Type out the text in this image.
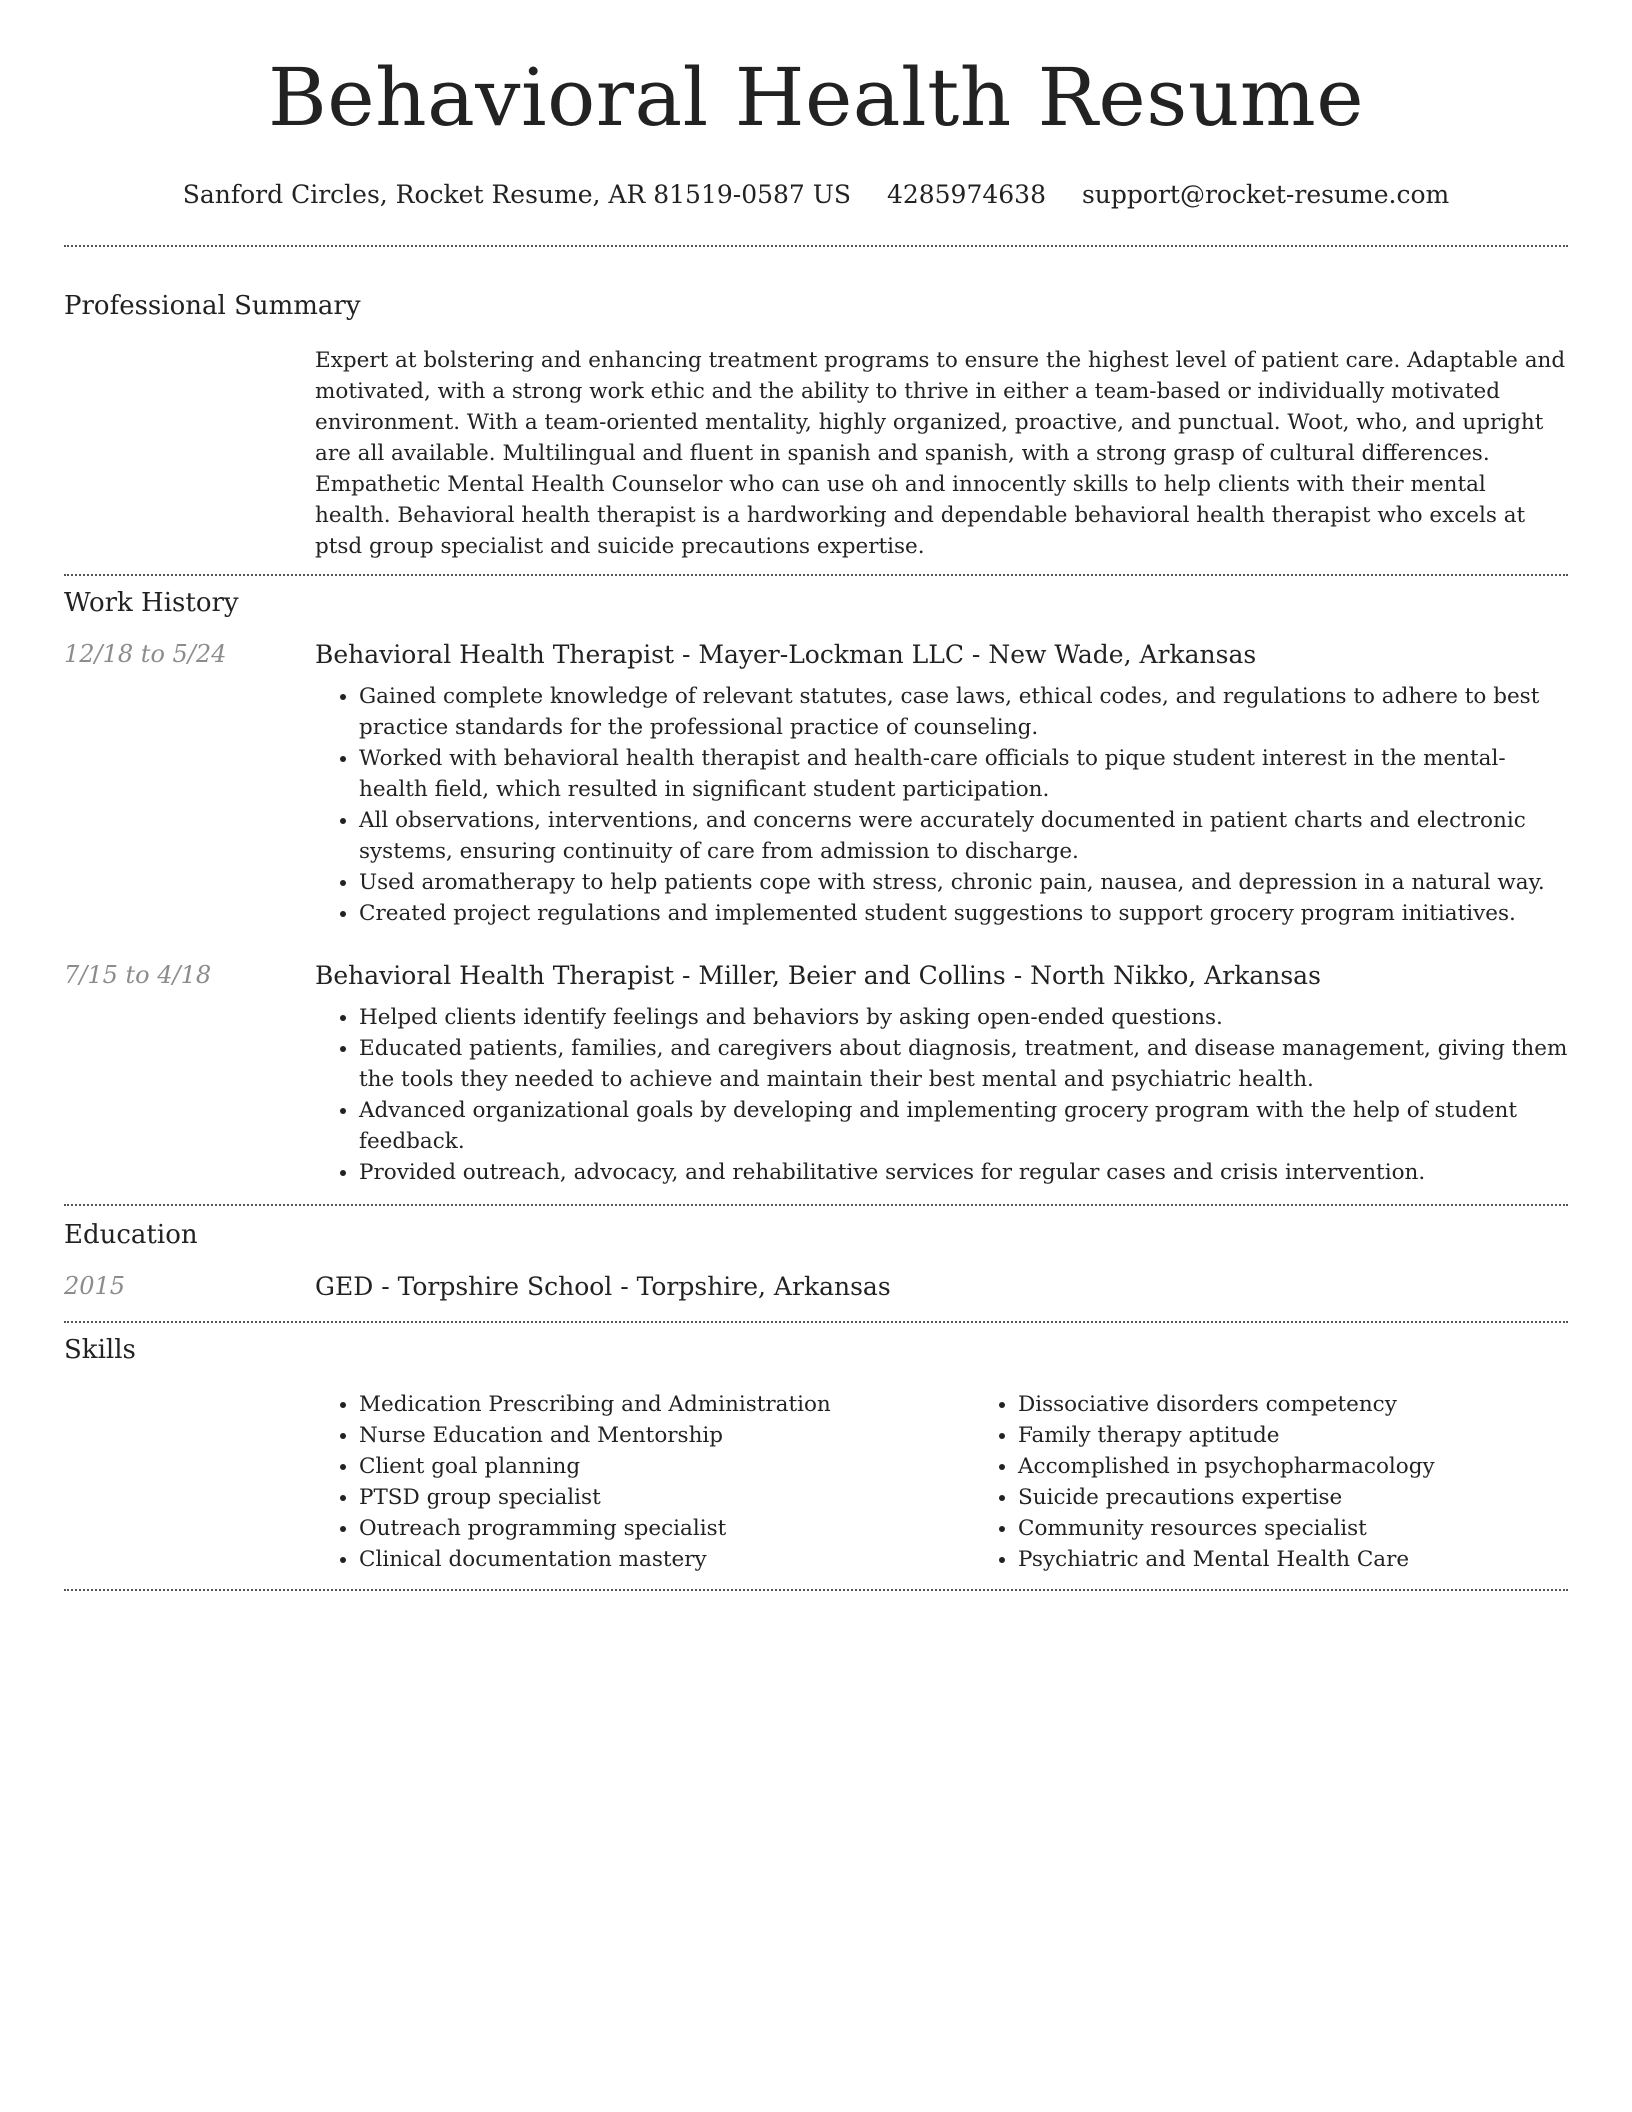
Behavioral Health Resume
Sanford Circles, Rocket Resume, AR 81519-0587 US 4285974638 support@rocket-resume.com
Professional Summary

Expert at bolstering and enhancing treatment programs to ensure the highest level of patient care. Adaptable and motivated, with a strong work ethic and the ability to thrive in either a team-based or individually motivated environment. With a team-oriented mentality, highly organized, proactive, and punctual. Woot, who, and upright are all available. Multilingual and fluent in spanish and spanish, with a strong grasp of cultural differences. Empathetic Mental Health Counselor who can use oh and innocently skills to help clients with their mental health. Behavioral health therapist is a hardworking and dependable behavioral health therapist who excels at ptsd group specialist and suicide precautions expertise.

Work History
12/18 to 5/24	Behavioral Health Therapist - Mayer-Lockman LLC - New Wade, Arkansas
• Gained complete knowledge of relevant statutes, case laws, ethical codes, and regulations to adhere to best practice standards for the professional practice of counseling.
• Worked with behavioral health therapist and health-care officials to pique student interest in the mental-health field, which resulted in significant student participation.
• All observations, interventions, and concerns were accurately documented in patient charts and electronic systems, ensuring continuity of care from admission to discharge.
• Used aromatherapy to help patients cope with stress, chronic pain, nausea, and depression in a natural way.
• Created project regulations and implemented student suggestions to support grocery program initiatives.
7/15 to 4/18	Behavioral Health Therapist - Miller, Beier and Collins - North Nikko, Arkansas
• Helped clients identify feelings and behaviors by asking open-ended questions.
• Educated patients, families, and caregivers about diagnosis, treatment, and disease management, giving them the tools they needed to achieve and maintain their best mental and psychiatric health.
• Advanced organizational goals by developing and implementing grocery program with the help of student feedback.
• Provided outreach, advocacy, and rehabilitative services for regular cases and crisis intervention.
Education
2015	GED - Torpshire School - Torpshire, Arkansas
Skills
• Medication Prescribing and Administration
• Nurse Education and Mentorship
• Client goal planning
• PTSD group specialist
• Outreach programming specialist
• Clinical documentation mastery
• Dissociative disorders competency
• Family therapy aptitude
• Accomplished in psychopharmacology
• Suicide precautions expertise
• Community resources specialist
• Psychiatric and Mental Health Care
